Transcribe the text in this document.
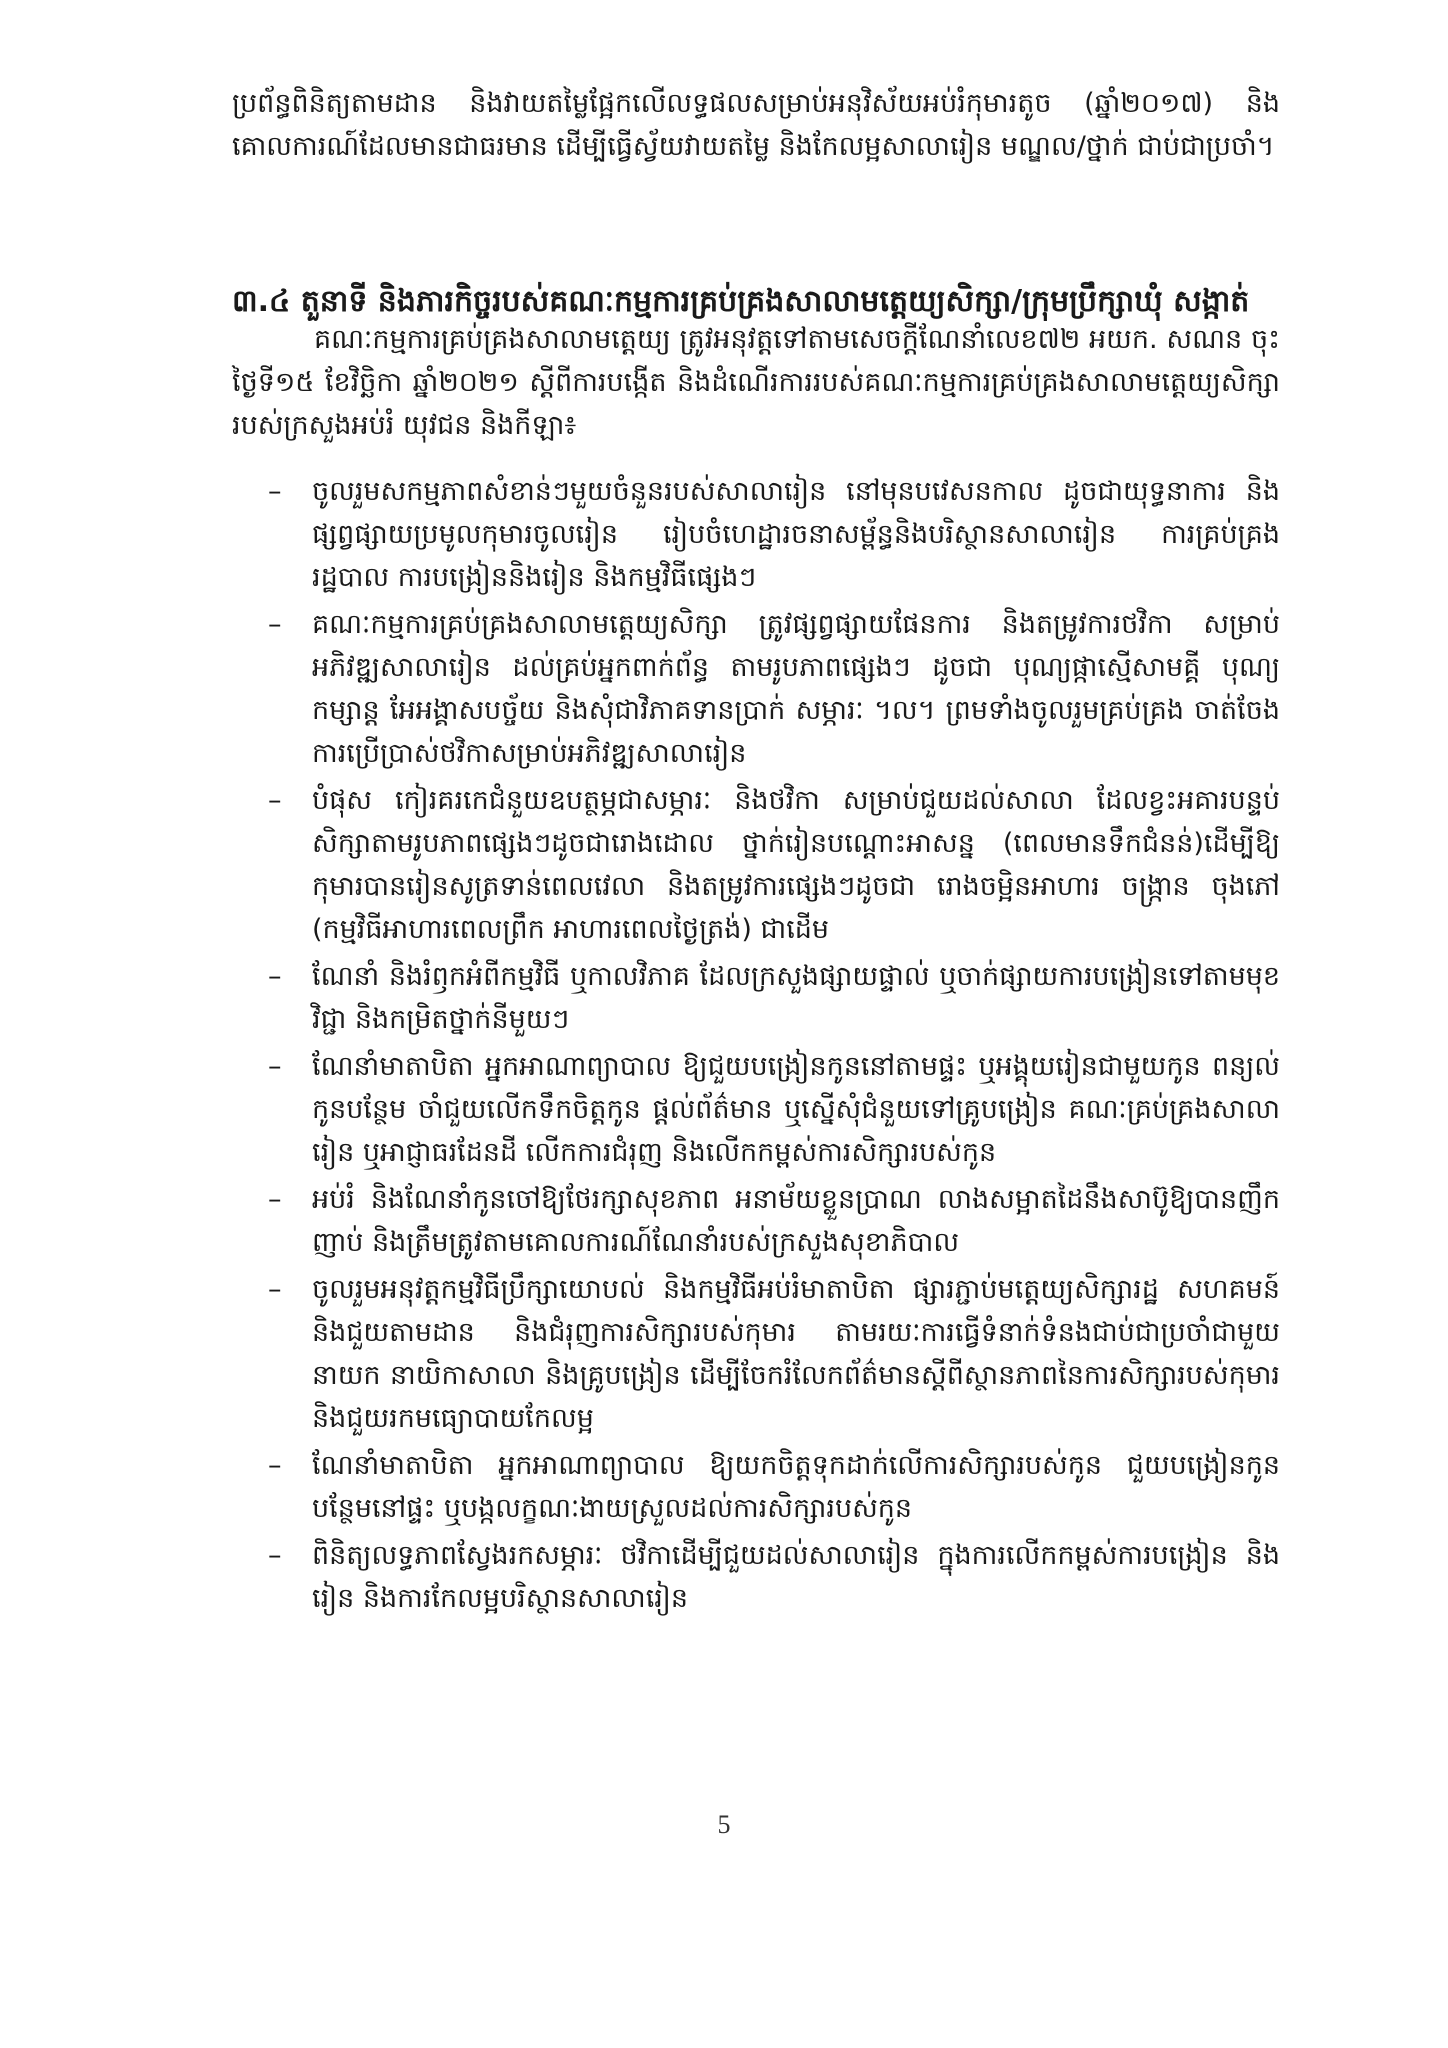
ប្រព័ន្ធពិនិត្យតាមដាន និងវាយតម្លៃផ្អែកលើលទ្ធផលសម្រាប់អនុវិស័យអប់រំកុមារតូច (ឆ្នាំ២០១៧) និងគោលការណ៍ដែលមានជាធរមាន ដើម្បីធ្វើស្វ័យវាយតម្លៃ និងកែលម្អសាលារៀន មណ្ឌល/ថ្នាក់ ជាប់ជាប្រចាំ។
៣.៤ តួនាទី និងភារកិច្ចរបស់គណៈកម្មការគ្រប់គ្រងសាលាមត្តេយ្យសិក្សា/ក្រុមប្រឹក្សាឃុំ សង្កាត់
គណៈកម្មការគ្រប់គ្រងសាលាមត្តេយ្យ ត្រូវអនុវត្តទៅតាមសេចក្តីណែនាំលេខ៧២ អយក. សណន ចុះថ្ងៃទី១៥ ខែវិច្ឆិកា ឆ្នាំ២០២១ ស្តីពីការបង្កើត និងដំណើរការរបស់គណៈកម្មការគ្រប់គ្រងសាលាមត្តេយ្យសិក្សារបស់ក្រសួងអប់រំ យុវជន និងកីឡា៖
–	ចូលរួមសកម្មភាពសំខាន់ៗមួយចំនួនរបស់សាលារៀន នៅមុនបវេសនកាល ដូចជាយុទ្ធនាការ និងផ្សព្វផ្សាយប្រមូលកុមារចូលរៀន រៀបចំហេដ្ឋារចនាសម្ព័ន្ធនិងបរិស្ថានសាលារៀន ការគ្រប់គ្រងរដ្ឋបាល ការបង្រៀននិងរៀន និងកម្មវិធីផ្សេងៗ
–	គណៈកម្មការគ្រប់គ្រងសាលាមត្តេយ្យសិក្សា ត្រូវផ្សព្វផ្សាយផែនការ និងតម្រូវការថវិកា សម្រាប់អភិវឌ្ឍសាលារៀន ដល់គ្រប់អ្នកពាក់ព័ន្ធ តាមរូបភាពផ្សេងៗ ដូចជា បុណ្យផ្កាស្មើសាមគ្គី បុណ្យកម្សាន្ត អែអង្គាសបច្ច័យ និងសុំជាវិភាគទានប្រាក់ សម្ភារៈ ។ល។ ព្រមទាំងចូលរួមគ្រប់គ្រង ចាត់ចែងការប្រើប្រាស់ថវិកាសម្រាប់អភិវឌ្ឍសាលារៀន
–	បំផុស កៀរគរកេជំនួយឧបត្ថម្ភជាសម្ភារៈ និងថវិកា សម្រាប់ជួយដល់សាលា ដែលខ្វះអគារបន្ទប់សិក្សាតាមរូបភាពផ្សេងៗដូចជារោងដោល ថ្នាក់រៀនបណ្តោះអាសន្ន (ពេលមានទឹកជំនន់)ដើម្បីឱ្យកុមារបានរៀនសូត្រទាន់ពេលវេលា និងតម្រូវការផ្សេងៗដូចជា រោងចម្អិនអាហារ ចង្ក្រាន ចុងភៅ (កម្មវិធីអាហារពេលព្រឹក អាហារពេលថ្ងៃត្រង់) ជាដើម
–	ណែនាំ និងរំឭកអំពីកម្មវិធី ឬកាលវិភាគ ដែលក្រសួងផ្សាយផ្ទាល់ ឬចាក់ផ្សាយការបង្រៀនទៅតាមមុខវិជ្ជា និងកម្រិតថ្នាក់នីមួយៗ
–	ណែនាំមាតាបិតា អ្នកអាណាព្យាបាល ឱ្យជួយបង្រៀនកូននៅតាមផ្ទះ ឬអង្គុយរៀនជាមួយកូន ពន្យល់កូនបន្ថែម ចាំជួយលើកទឹកចិត្តកូន ផ្តល់ព័ត៌មាន ឬស្នើសុំជំនួយទៅគ្រូបង្រៀន គណៈគ្រប់គ្រងសាលារៀន ឬអាជ្ញាធរដែនដី លើកការជំរុញ និងលើកកម្ពស់ការសិក្សារបស់កូន
–	អប់រំ និងណែនាំកូនចៅឱ្យថែរក្សាសុខភាព អនាម័យខ្លួនប្រាណ លាងសម្អាតដៃនឹងសាប៊ូឱ្យបានញឹកញាប់ និងត្រឹមត្រូវតាមគោលការណ៍ណែនាំរបស់ក្រសួងសុខាភិបាល
–	ចូលរួមអនុវត្តកម្មវិធីប្រឹក្សាយោបល់ និងកម្មវិធីអប់រំមាតាបិតា ផ្សារភ្ជាប់មត្តេយ្យសិក្សារដ្ឋ សហគមន៍ និងជួយតាមដាន និងជំរុញការសិក្សារបស់កុមារ តាមរយៈការធ្វើទំនាក់ទំនងជាប់ជាប្រចាំជាមួយនាយក នាយិកាសាលា និងគ្រូបង្រៀន ដើម្បីចែករំលែកព័ត៌មានស្តីពីស្ថានភាពនៃការសិក្សារបស់កុមារ និងជួយរកមធ្យោបាយកែលម្អ
–	ណែនាំមាតាបិតា អ្នកអាណាព្យាបាល ឱ្យយកចិត្តទុកដាក់លើការសិក្សារបស់កូន ជួយបង្រៀនកូនបន្ថែមនៅផ្ទះ ឬបង្កលក្ខណៈងាយស្រួលដល់ការសិក្សារបស់កូន
–	ពិនិត្យលទ្ធភាពស្វែងរកសម្ភារៈ ថវិកាដើម្បីជួយដល់សាលារៀន ក្នុងការលើកកម្ពស់ការបង្រៀន និងរៀន និងការកែលម្អបរិស្ថានសាលារៀន
5
